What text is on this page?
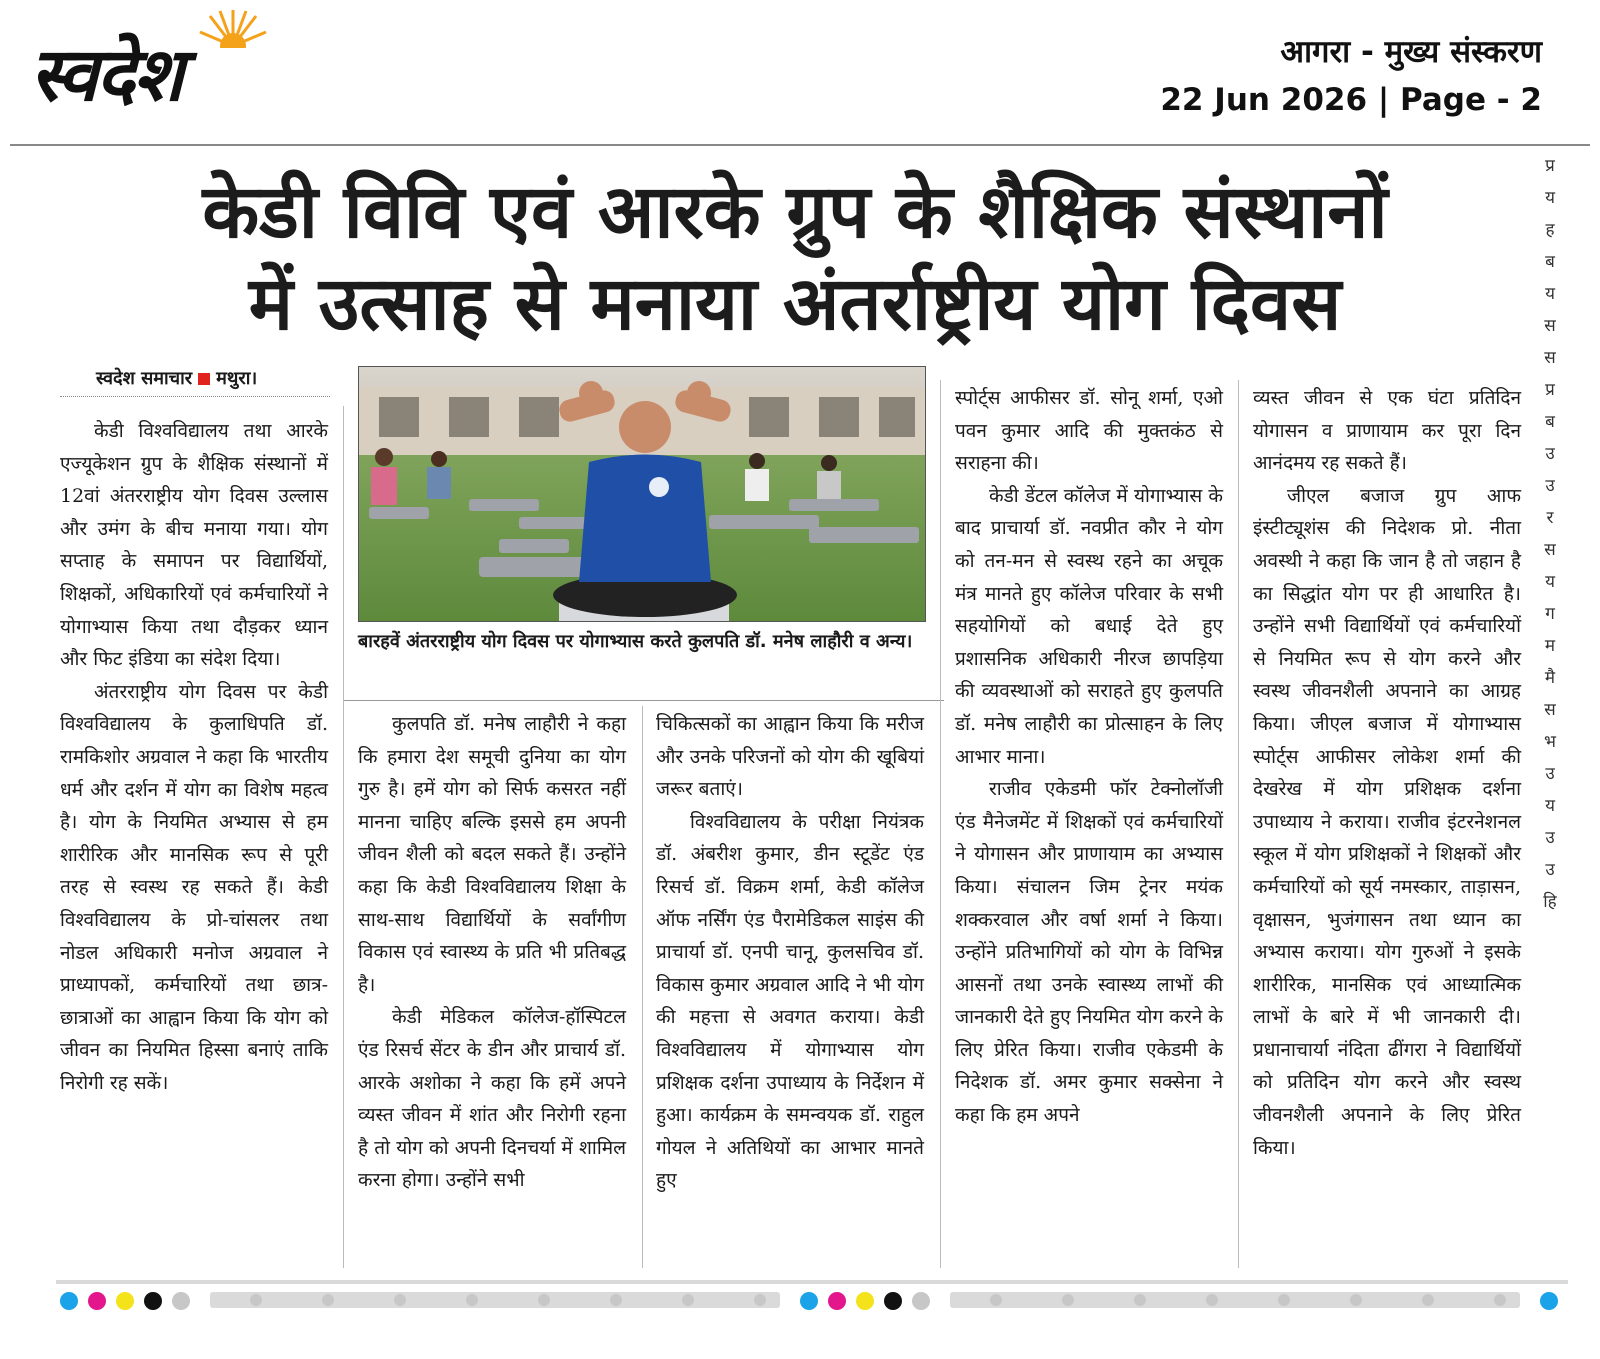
स्वदेश	आगरा - मुख्य संस्करण
22 Jun 2026 | Page - 2
केडी विवि एवं आरके ग्रुप के शैक्षिक संस्थानों
में उत्साह से मनाया अंतर्राष्ट्रीय योग दिवस
स्वदेश समाचार मथुरा।
बारहवें अंतरराष्ट्रीय योग दिवस पर योगाभ्यास करते कुलपति डॉ. मनेष लाहौरी व अन्य।

केडी विश्वविद्यालय तथा आरके एज्यूकेशन ग्रुप के शैक्षिक संस्थानों में 12वां अंतरराष्ट्रीय योग दिवस उल्लास और उमंग के बीच मनाया गया। योग सप्ताह के समापन पर विद्यार्थियों, शिक्षकों, अधिकारियों एवं कर्मचारियों ने योगाभ्यास किया तथा दौड़कर ध्यान और फिट इंडिया का संदेश दिया।

अंतरराष्ट्रीय योग दिवस पर केडी विश्वविद्यालय के कुलाधिपति डॉ. रामकिशोर अग्रवाल ने कहा कि भारतीय धर्म और दर्शन में योग का विशेष महत्व है। योग के नियमित अभ्यास से हम शारीरिक और मानसिक रूप से पूरी तरह से स्वस्थ रह सकते हैं। केडी विश्वविद्यालय के प्रो-चांसलर तथा नोडल अधिकारी मनोज अग्रवाल ने प्राध्यापकों, कर्मचारियों तथा छात्र-छात्राओं का आह्वान किया कि योग को जीवन का नियमित हिस्सा बनाएं ताकि निरोगी रह सकें।

कुलपति डॉ. मनेष लाहौरी ने कहा कि हमारा देश समूची दुनिया का योग गुरु है। हमें योग को सिर्फ कसरत नहीं मानना चाहिए बल्कि इससे हम अपनी जीवन शैली को बदल सकते हैं। उन्होंने कहा कि केडी विश्वविद्यालय शिक्षा के साथ-साथ विद्यार्थियों के सर्वांगीण विकास एवं स्वास्थ्य के प्रति भी प्रतिबद्ध है।

केडी मेडिकल कॉलेज-हॉस्पिटल एंड रिसर्च सेंटर के डीन और प्राचार्य डॉ. आरके अशोका ने कहा कि हमें अपने व्यस्त जीवन में शांत और निरोगी रहना है तो योग को अपनी दिनचर्या में शामिल करना होगा। उन्होंने सभी

चिकित्सकों का आह्वान किया कि मरीज और उनके परिजनों को योग की खूबियां जरूर बताएं।

विश्वविद्यालय के परीक्षा नियंत्रक डॉ. अंबरीश कुमार, डीन स्टूडेंट एंड रिसर्च डॉ. विक्रम शर्मा, केडी कॉलेज ऑफ नर्सिंग एंड पैरामेडिकल साइंस की प्राचार्या डॉ. एनपी चानू, कुलसचिव डॉ. विकास कुमार अग्रवाल आदि ने भी योग की महत्ता से अवगत कराया। केडी विश्वविद्यालय में योगाभ्यास योग प्रशिक्षक दर्शना उपाध्याय के निर्देशन में हुआ। कार्यक्रम के समन्वयक डॉ. राहुल गोयल ने अतिथियों का आभार मानते हुए

स्पोर्ट्स आफीसर डॉ. सोनू शर्मा, एओ पवन कुमार आदि की मुक्तकंठ से सराहना की।

केडी डेंटल कॉलेज में योगाभ्यास के बाद प्राचार्या डॉ. नवप्रीत कौर ने योग को तन-मन से स्वस्थ रहने का अचूक मंत्र मानते हुए कॉलेज परिवार के सभी सहयोगियों को बधाई देते हुए प्रशासनिक अधिकारी नीरज छापड़िया की व्यवस्थाओं को सराहते हुए कुलपति डॉ. मनेष लाहौरी का प्रोत्साहन के लिए आभार माना।

राजीव एकेडमी फॉर टेक्नोलॉजी एंड मैनेजमेंट में शिक्षकों एवं कर्मचारियों ने योगासन और प्राणायाम का अभ्यास किया। संचालन जिम ट्रेनर मयंक शक्करवाल और वर्षा शर्मा ने किया। उन्होंने प्रतिभागियों को योग के विभिन्न आसनों तथा उनके स्वास्थ्य लाभों की जानकारी देते हुए नियमित योग करने के लिए प्रेरित किया। राजीव एकेडमी के निदेशक डॉ. अमर कुमार सक्सेना ने कहा कि हम अपने

व्यस्त जीवन से एक घंटा प्रतिदिन योगासन व प्राणायाम कर पूरा दिन आनंदमय रह सकते हैं।

जीएल बजाज ग्रुप आफ इंस्टीट्यूशंस की निदेशक प्रो. नीता अवस्थी ने कहा कि जान है तो जहान है का सिद्धांत योग पर ही आधारित है। उन्होंने सभी विद्यार्थियों एवं कर्मचारियों से नियमित रूप से योग करने और स्वस्थ जीवनशैली अपनाने का आग्रह किया। जीएल बजाज में योगाभ्यास स्पोर्ट्स आफीसर लोकेश शर्मा की देखरेख में योग प्रशिक्षक दर्शना उपाध्याय ने कराया। राजीव इंटरनेशनल स्कूल में योग प्रशिक्षकों ने शिक्षकों और कर्मचारियों को सूर्य नमस्कार, ताड़ासन, वृक्षासन, भुजंगासन तथा ध्यान का अभ्यास कराया। योग गुरुओं ने इसके शारीरिक, मानसिक एवं आध्यात्मिक लाभों के बारे में भी जानकारी दी। प्रधानाचार्या नंदिता ढींगरा ने विद्यार्थियों को प्रतिदिन योग करने और स्वस्थ जीवनशैली अपनाने के लिए प्रेरित किया।

प्र
य
ह
ब
य
स
स
प्र
ब
उ
उ
र
स
य
ग
म
मै
स
भ
उ
य
उ
उ
हि
